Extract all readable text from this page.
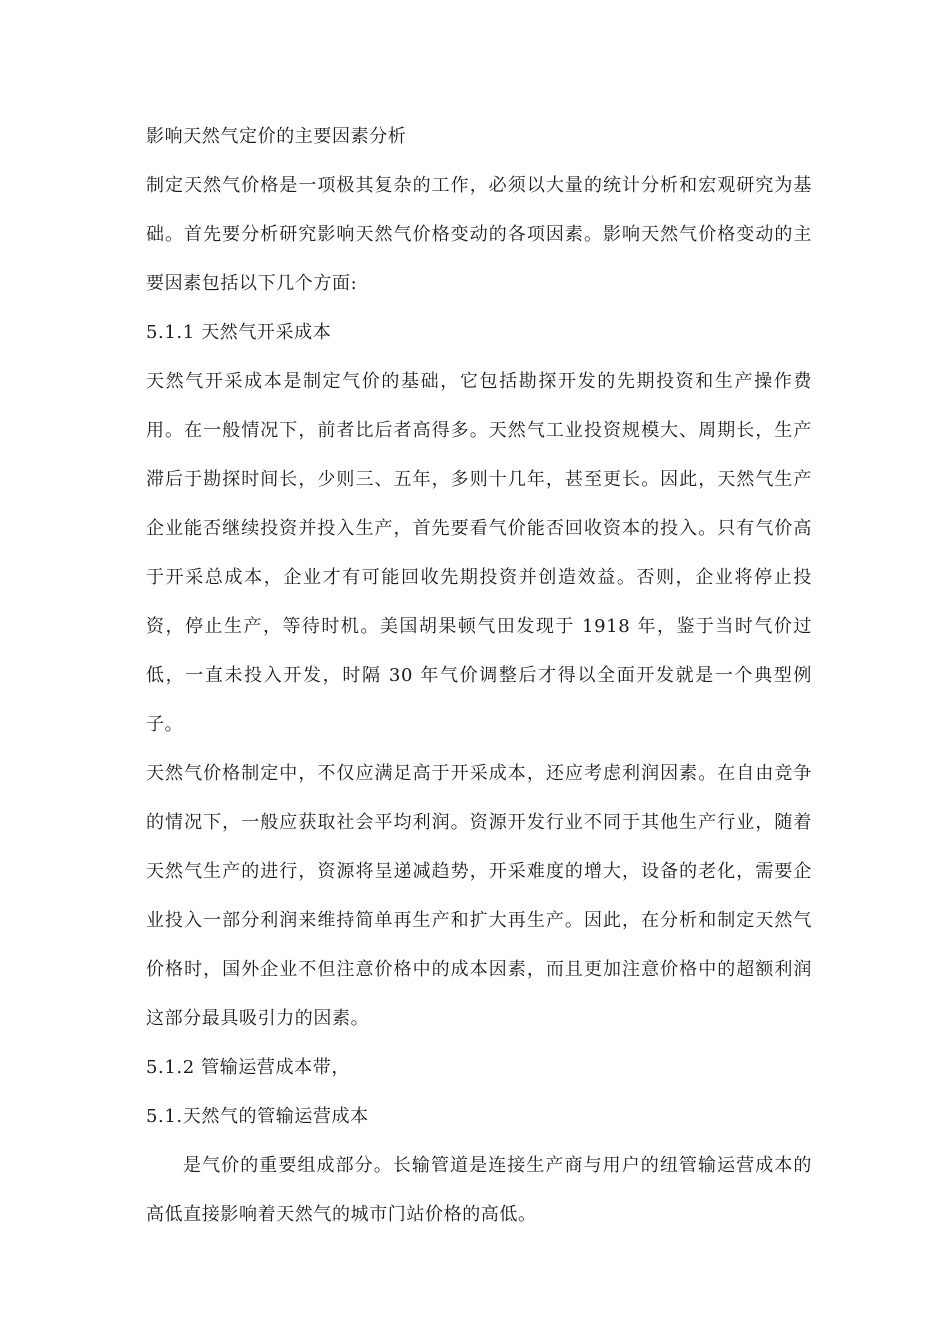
影响天然气定价的主要因素分析

制定天然气价格是一项极其复杂的工作，必须以大量的统计分析和宏观研究为基础。首先要分析研究影响天然气价格变动的各项因素。影响天然气价格变动的主要因素包括以下几个方面:

5.1.1 天然气开采成本

天然气开采成本是制定气价的基础，它包括勘探开发的先期投资和生产操作费用。在一般情况下，前者比后者高得多。天然气工业投资规模大、周期长，生产滞后于勘探时间长，少则三、五年，多则十几年，甚至更长。因此，天然气生产企业能否继续投资并投入生产，首先要看气价能否回收资本的投入。只有气价高于开采总成本，企业才有可能回收先期投资并创造效益。否则，企业将停止投资，停止生产，等待时机。美国胡果顿气田发现于 1918 年，鉴于当时气价过低，一直未投入开发，时隔 30 年气价调整后才得以全面开发就是一个典型例子。

天然气价格制定中，不仅应满足高于开采成本，还应考虑利润因素。在自由竞争的情况下，一般应获取社会平均利润。资源开发行业不同于其他生产行业，随着天然气生产的进行，资源将呈递减趋势，开采难度的增大，设备的老化，需要企业投入一部分利润来维持简单再生产和扩大再生产。因此，在分析和制定天然气价格时，国外企业不但注意价格中的成本因素，而且更加注意价格中的超额利润这部分最具吸引力的因素。

5.1.2 管输运营成本带，

5.1.天然气的管输运营成本

是气价的重要组成部分。长输管道是连接生产商与用户的纽管输运营成本的高低直接影响着天然气的城市门站价格的高低。
